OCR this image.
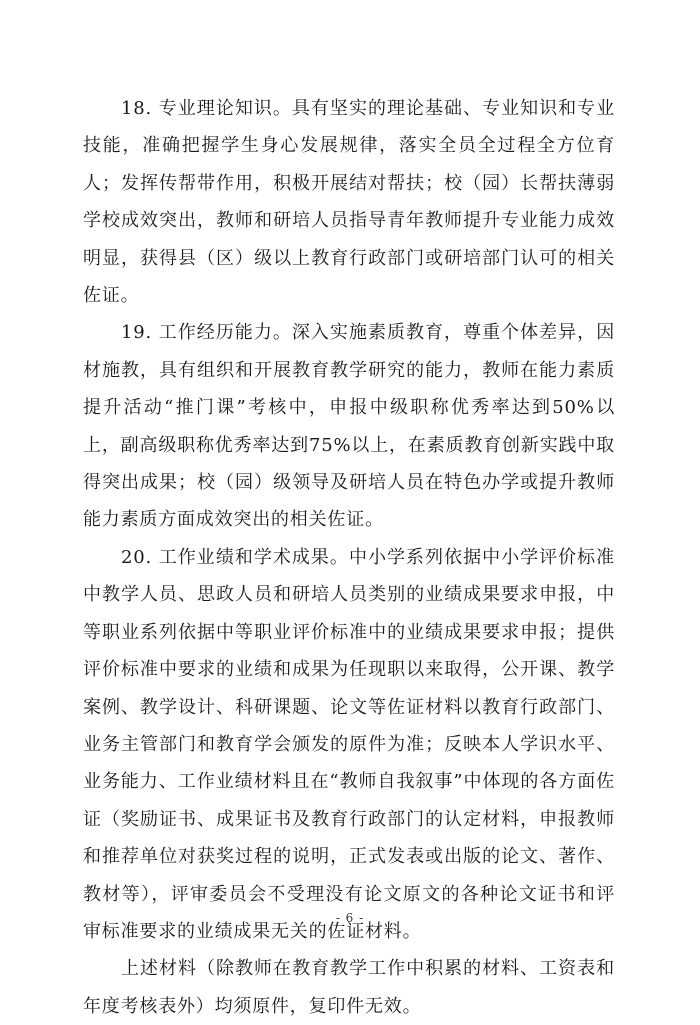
18. 专业理论知识。具有坚实的理论基础、专业知识和专业技能，准确把握学生身心发展规律，落实全员全过程全方位育人；发挥传帮带作用，积极开展结对帮扶；校（园）长帮扶薄弱学校成效突出，教师和研培人员指导青年教师提升专业能力成效明显，获得县（区）级以上教育行政部门或研培部门认可的相关佐证。

19. 工作经历能力。深入实施素质教育，尊重个体差异，因材施教，具有组织和开展教育教学研究的能力，教师在能力素质提升活动“推门课”考核中，申报中级职称优秀率达到50%以上，副高级职称优秀率达到75%以上，在素质教育创新实践中取得突出成果；校（园）级领导及研培人员在特色办学或提升教师能力素质方面成效突出的相关佐证。

20. 工作业绩和学术成果。中小学系列依据中小学评价标准中教学人员、思政人员和研培人员类别的业绩成果要求申报，中等职业系列依据中等职业评价标准中的业绩成果要求申报；提供评价标准中要求的业绩和成果为任现职以来取得，公开课、教学案例、教学设计、科研课题、论文等佐证材料以教育行政部门、业务主管部门和教育学会颁发的原件为准；反映本人学识水平、业务能力、工作业绩材料且在“教师自我叙事”中体现的各方面佐证（奖励证书、成果证书及教育行政部门的认定材料，申报教师和推荐单位对获奖过程的说明，正式发表或出版的论文、著作、教材等），评审委员会不受理没有论文原文的各种论文证书和评审标准要求的业绩成果无关的佐证材料。

上述材料（除教师在教育教学工作中积累的材料、工资表和年度考核表外）均须原件，复印件无效。

- 6 -
